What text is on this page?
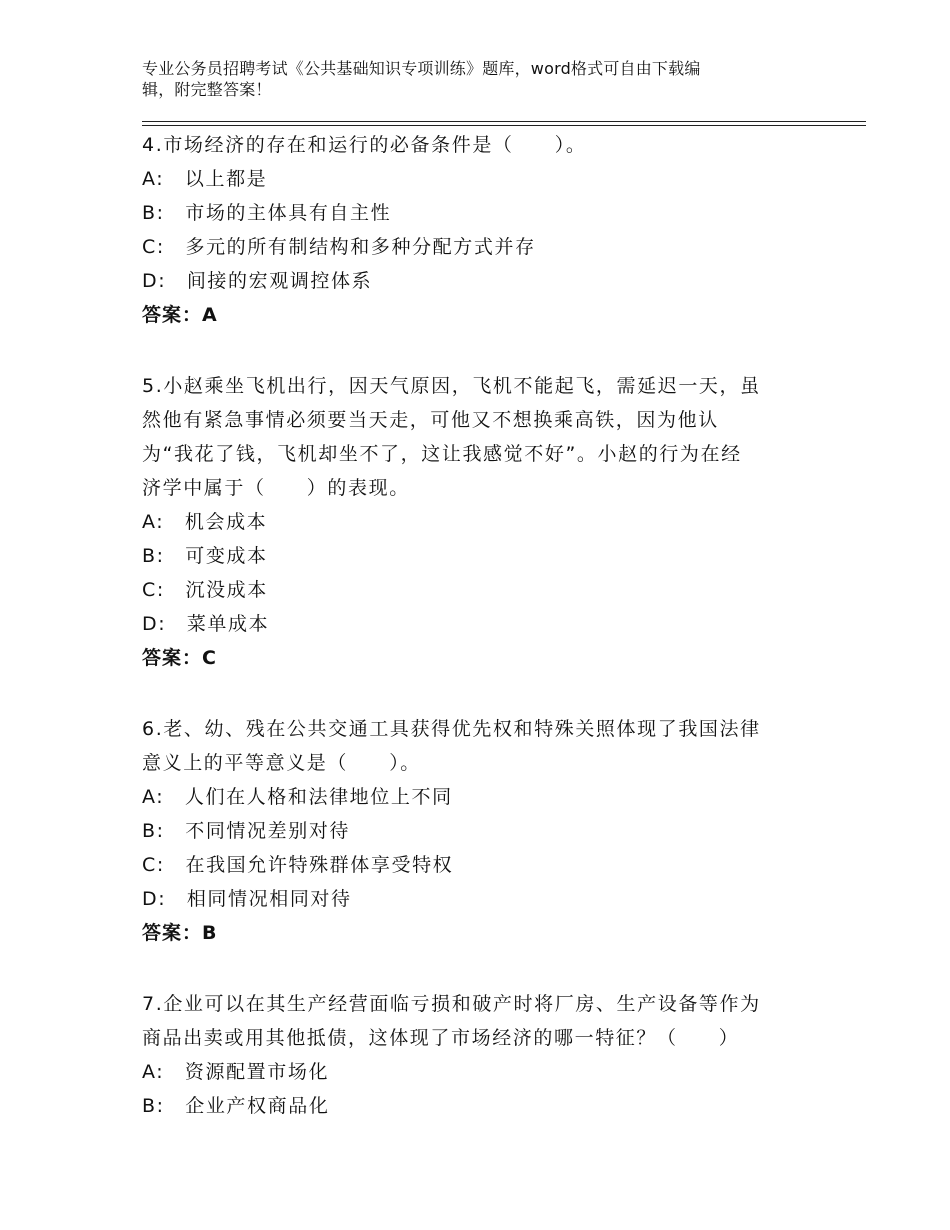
专业公务员招聘考试《公共基础知识专项训练》题库，word格式可自由下载编
辑，附完整答案！
4.市场经济的存在和运行的必备条件是（　　）。
A:　以上都是
B:　市场的主体具有自主性
C:　多元的所有制结构和多种分配方式并存
D:　间接的宏观调控体系
答案：A
5.小赵乘坐飞机出行，因天气原因，飞机不能起飞，需延迟一天，虽
然他有紧急事情必须要当天走，可他又不想换乘高铁，因为他认
为“我花了钱，飞机却坐不了，这让我感觉不好”。小赵的行为在经
济学中属于（　　）的表现。
A:　机会成本
B:　可变成本
C:　沉没成本
D:　菜单成本
答案：C
6.老、幼、残在公共交通工具获得优先权和特殊关照体现了我国法律
意义上的平等意义是（　　）。
A:　人们在人格和法律地位上不同
B:　不同情况差别对待
C:　在我国允许特殊群体享受特权
D:　相同情况相同对待
答案：B
7.企业可以在其生产经营面临亏损和破产时将厂房、生产设备等作为
商品出卖或用其他抵债，这体现了市场经济的哪一特征？（　　）
A:　资源配置市场化
B:　企业产权商品化
